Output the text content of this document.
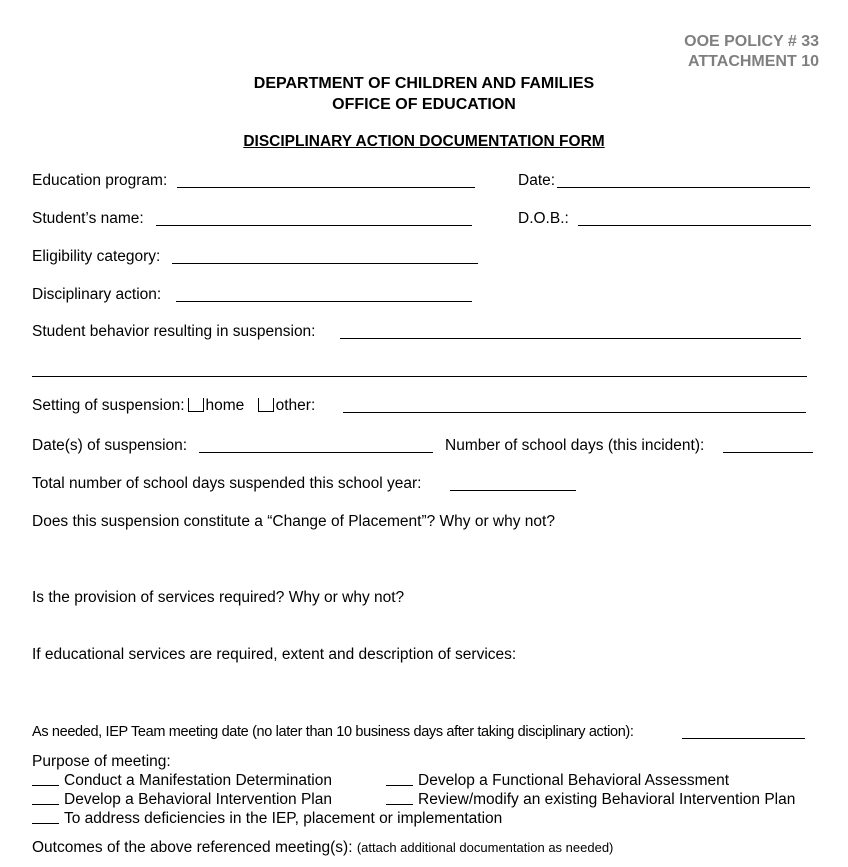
OOE POLICY # 33
ATTACHMENT 10
DEPARTMENT OF CHILDREN AND FAMILIES
OFFICE OF EDUCATION
DISCIPLINARY ACTION DOCUMENTATION FORM
Education program:	Date:
Student’s name:	D.O.B.:
Eligibility category:
Disciplinary action:
Student behavior resulting in suspension:
Setting of suspension: home other:
Date(s) of suspension:	Number of school days (this incident):
Total number of school days suspended this school year:
Does this suspension constitute a “Change of Placement”? Why or why not?
Is the provision of services required? Why or why not?
If educational services are required, extent and description of services:
As needed, IEP Team meeting date (no later than 10 business days after taking disciplinary action):
Purpose of meeting:
Conduct a Manifestation Determination	Develop a Functional Behavioral Assessment
Develop a Behavioral Intervention Plan	Review/modify an existing Behavioral Intervention Plan
To address deficiencies in the IEP, placement or implementation
Outcomes of the above referenced meeting(s): (attach additional documentation as needed)
